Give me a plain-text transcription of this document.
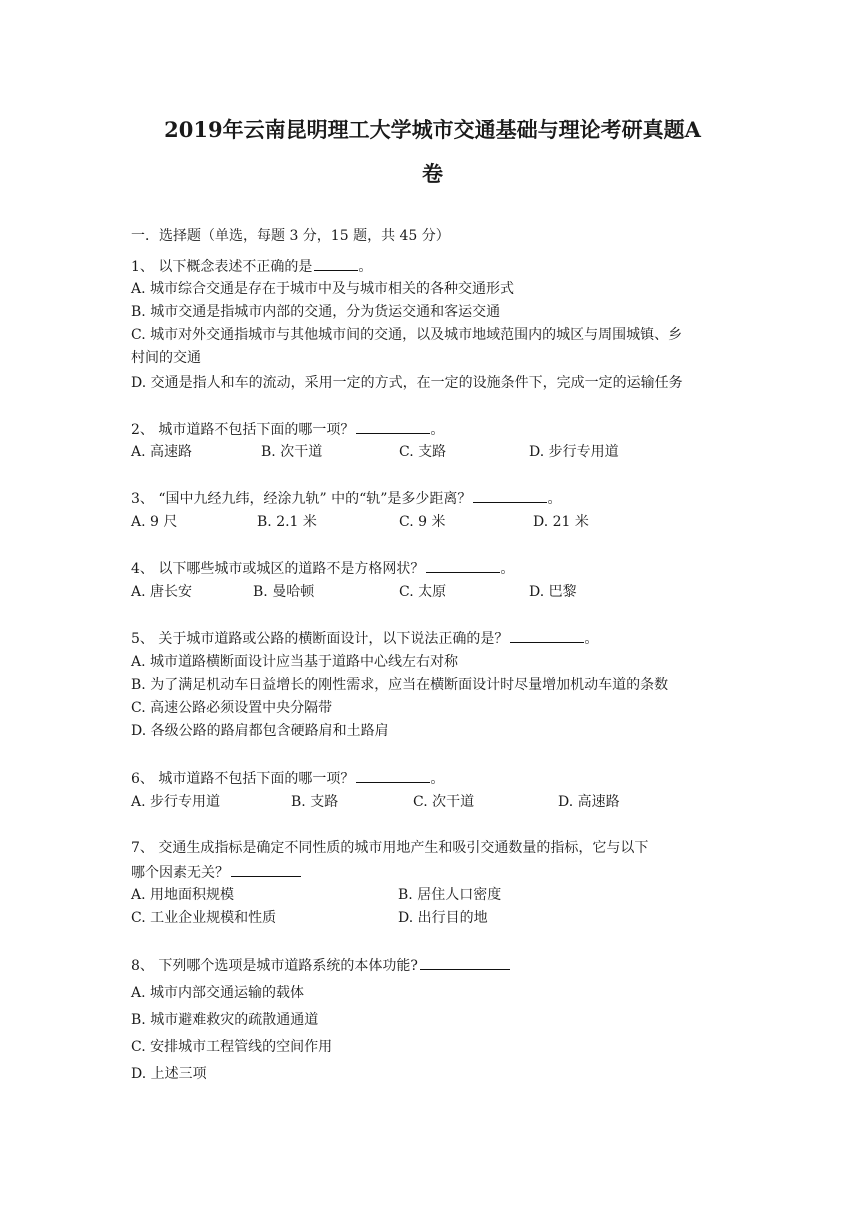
2019年云南昆明理工大学城市交通基础与理论考研真题A
卷
一．选择题（单选，每题 3 分，15 题，共 45 分）
1、 以下概念表述不正确的是	。
A. 城市综合交通是存在于城市中及与城市相关的各种交通形式
B. 城市交通是指城市内部的交通，分为货运交通和客运交通
C. 城市对外交通指城市与其他城市间的交通，以及城市地域范围内的城区与周围城镇、乡
村间的交通
D. 交通是指人和车的流动，采用一定的方式，在一定的设施条件下，完成一定的运输任务
2、 城市道路不包括下面的哪一项？	。
A. 高速路	B. 次干道	C. 支路	D. 步行专用道
3、 “国中九经九纬，经涂九轨” 中的“轨”是多少距离？	。
A. 9 尺	B. 2.1 米	C. 9 米	D. 21 米
4、 以下哪些城市或城区的道路不是方格网状？	。
A. 唐长安	B. 曼哈顿	C. 太原	D. 巴黎
5、 关于城市道路或公路的横断面设计，以下说法正确的是？	。
A. 城市道路横断面设计应当基于道路中心线左右对称
B. 为了满足机动车日益增长的刚性需求，应当在横断面设计时尽量增加机动车道的条数
C. 高速公路必须设置中央分隔带
D. 各级公路的路肩都包含硬路肩和土路肩
6、 城市道路不包括下面的哪一项？	。
A. 步行专用道	B. 支路	C. 次干道	D. 高速路
7、 交通生成指标是确定不同性质的城市用地产生和吸引交通数量的指标，它与以下
哪个因素无关？
A. 用地面积规模	B. 居住人口密度
C. 工业企业规模和性质	D. 出行目的地
8、 下列哪个选项是城市道路系统的本体功能?
A. 城市内部交通运输的载体
B. 城市避难救灾的疏散通通道
C. 安排城市工程管线的空间作用
D. 上述三项
